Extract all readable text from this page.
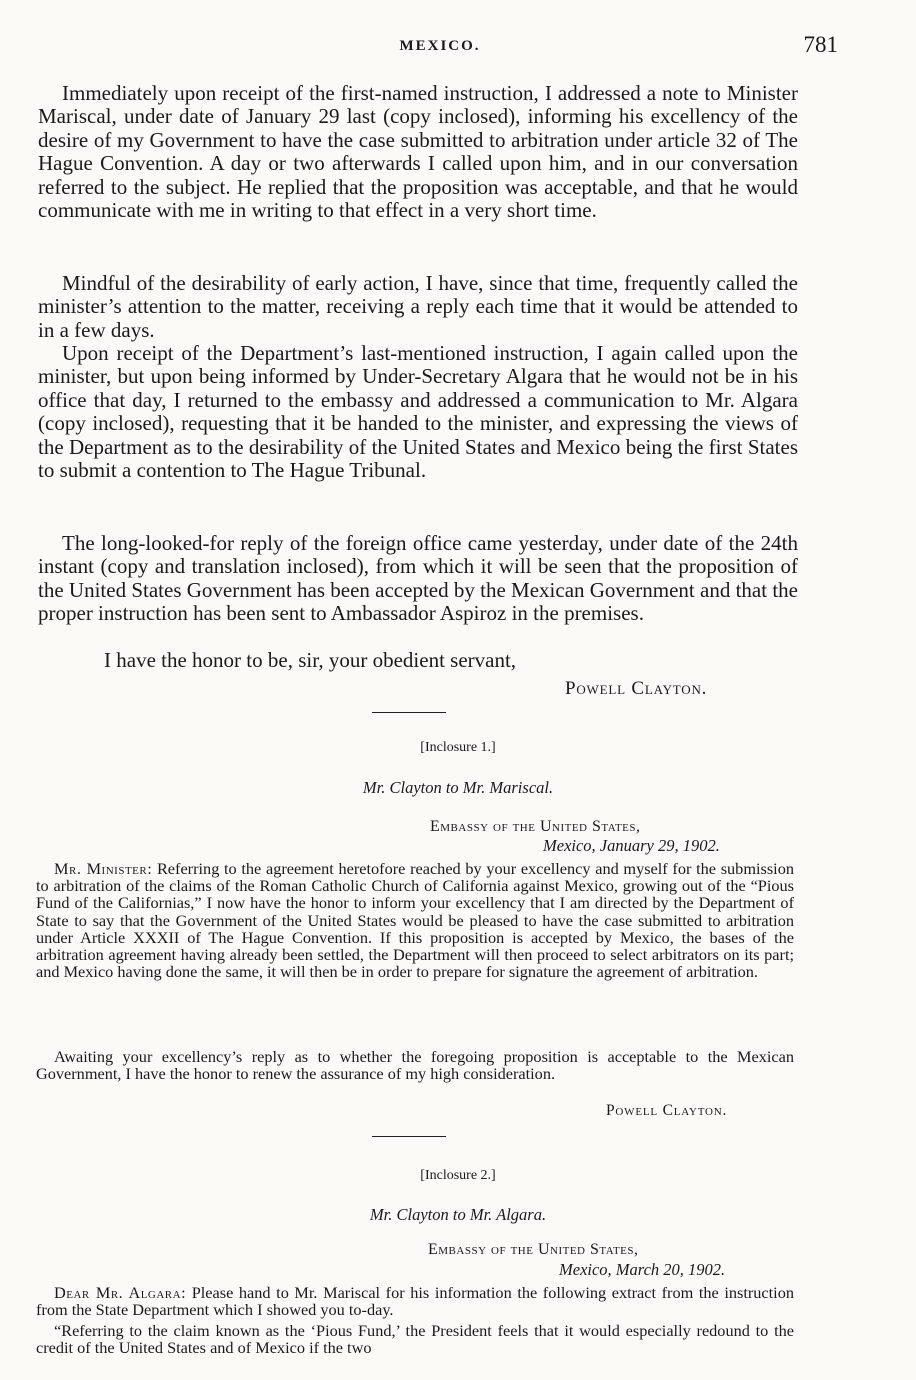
MEXICO.	781

Immediately upon receipt of the first-named instruction, I addressed a note to Minister Mariscal, under date of January 29 last (copy inclosed), informing his excellency of the desire of my Government to have the case submitted to arbitration under article 32 of The Hague Convention. A day or two afterwards I called upon him, and in our conversation referred to the subject. He replied that the proposition was acceptable, and that he would communicate with me in writing to that effect in a very short time.

Mindful of the desirability of early action, I have, since that time, frequently called the minister’s attention to the matter, receiving a reply each time that it would be attended to in a few days.

Upon receipt of the Department’s last-mentioned instruction, I again called upon the minister, but upon being informed by Under-Secretary Algara that he would not be in his office that day, I returned to the embassy and addressed a communication to Mr. Algara (copy inclosed), requesting that it be handed to the minister, and expressing the views of the Department as to the desirability of the United States and Mexico being the first States to submit a contention to The Hague Tribunal.

The long-looked-for reply of the foreign office came yesterday, under date of the 24th instant (copy and translation inclosed), from which it will be seen that the proposition of the United States Government has been accepted by the Mexican Government and that the proper instruction has been sent to Ambassador Aspiroz in the premises.

I have the honor to be, sir, your obedient servant,
Powell Clayton.
[Inclosure 1.]
Mr. Clayton to Mr. Mariscal.
Embassy of the United States,
Mexico, January 29, 1902.

Mr. Minister: Referring to the agreement heretofore reached by your excellency and myself for the submission to arbitration of the claims of the Roman Catholic Church of California against Mexico, growing out of the “Pious Fund of the Californias,” I now have the honor to inform your excellency that I am directed by the Department of State to say that the Government of the United States would be pleased to have the case submitted to arbitration under Article XXXII of The Hague Convention. If this proposition is accepted by Mexico, the bases of the arbitration agreement having already been settled, the Department will then proceed to select arbitrators on its part; and Mexico having done the same, it will then be in order to prepare for signature the agreement of arbitration.

Awaiting your excellency’s reply as to whether the foregoing proposition is acceptable to the Mexican Government, I have the honor to renew the assurance of my high consideration.

Powell Clayton.
[Inclosure 2.]
Mr. Clayton to Mr. Algara.
Embassy of the United States,
Mexico, March 20, 1902.

Dear Mr. Algara: Please hand to Mr. Mariscal for his information the following extract from the instruction from the State Department which I showed you to-day.

“Referring to the claim known as the ‘Pious Fund,’ the President feels that it would especially redound to the credit of the United States and of Mexico if the two
